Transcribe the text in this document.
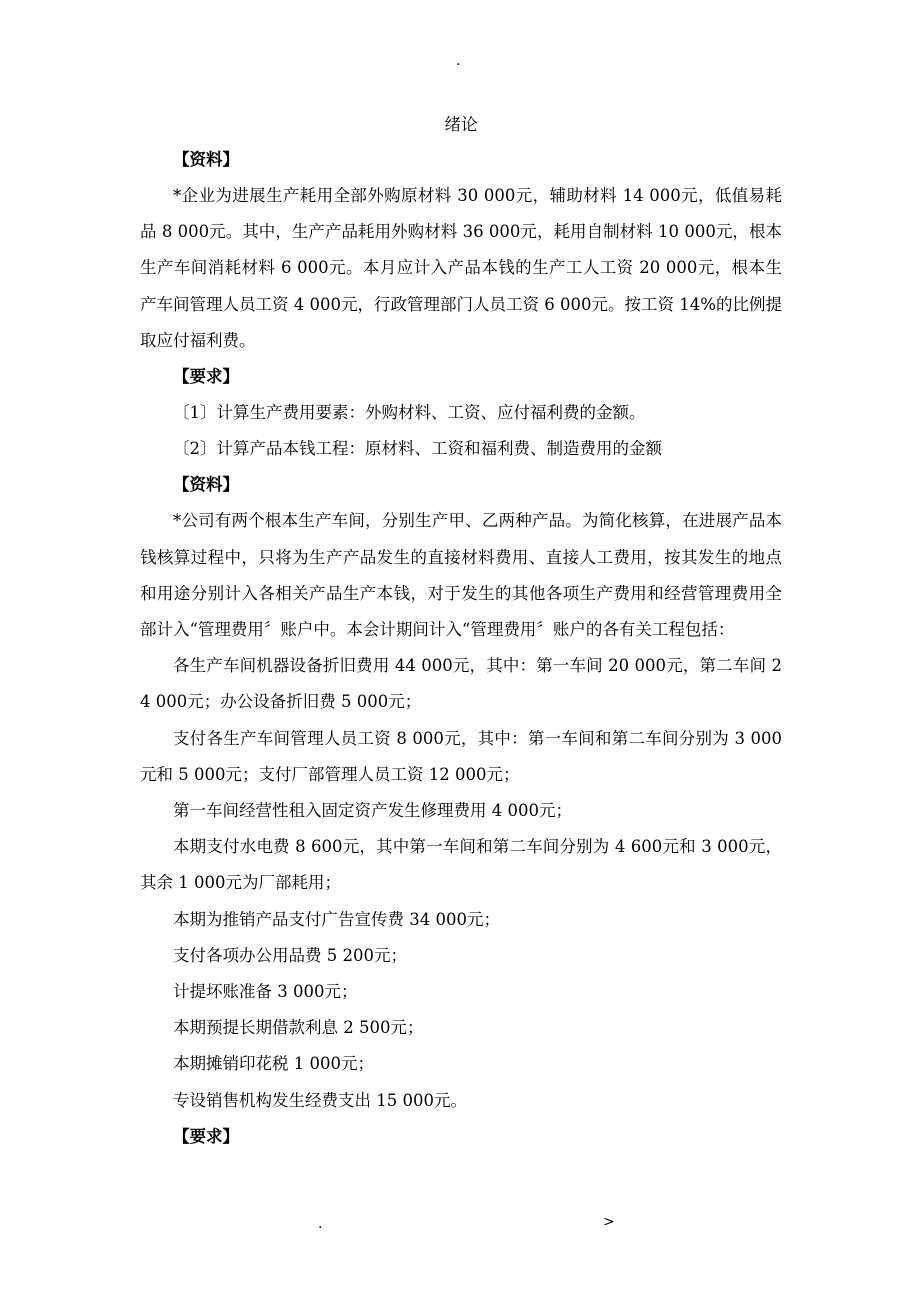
.

绪论

【资料】

*企业为进展生产耗用全部外购原材料 30 000元，辅助材料 14 000元，低值易耗品 8 000元。其中，生产产品耗用外购材料 36 000元，耗用自制材料 10 000元，根本生产车间消耗材料 6 000元。本月应计入产品本钱的生产工人工资 20 000元，根本生产车间管理人员工资 4 000元，行政管理部门人员工资 6 000元。按工资 14%的比例提取应付福利费。

【要求】

〔1〕计算生产费用要素：外购材料、工资、应付福利费的金额。

〔2〕计算产品本钱工程：原材料、工资和福利费、制造费用的金额

【资料】

*公司有两个根本生产车间，分别生产甲、乙两种产品。为简化核算，在进展产品本钱核算过程中，只将为生产产品发生的直接材料费用、直接人工费用，按其发生的地点和用途分别计入各相关产品生产本钱，对于发生的其他各项生产费用和经营管理费用全部计入“管理费用〞账户中。本会计期间计入“管理费用〞账户的各有关工程包括：

各生产车间机器设备折旧费用 44 000元，其中：第一车间 20 000元，第二车间 24 000元；办公设备折旧费 5 000元；

支付各生产车间管理人员工资 8 000元，其中：第一车间和第二车间分别为 3 000元和 5 000元；支付厂部管理人员工资 12 000元；

第一车间经营性租入固定资产发生修理费用 4 000元；

本期支付水电费 8 600元，其中第一车间和第二车间分别为 4 600元和 3 000元，其余 1 000元为厂部耗用；

本期为推销产品支付广告宣传费 34 000元；

支付各项办公用品费 5 200元；

计提坏账准备 3 000元；

本期预提长期借款利息 2 500元；

本期摊销印花税 1 000元；

专设销售机构发生经费支出 15 000元。

【要求】

.	>
